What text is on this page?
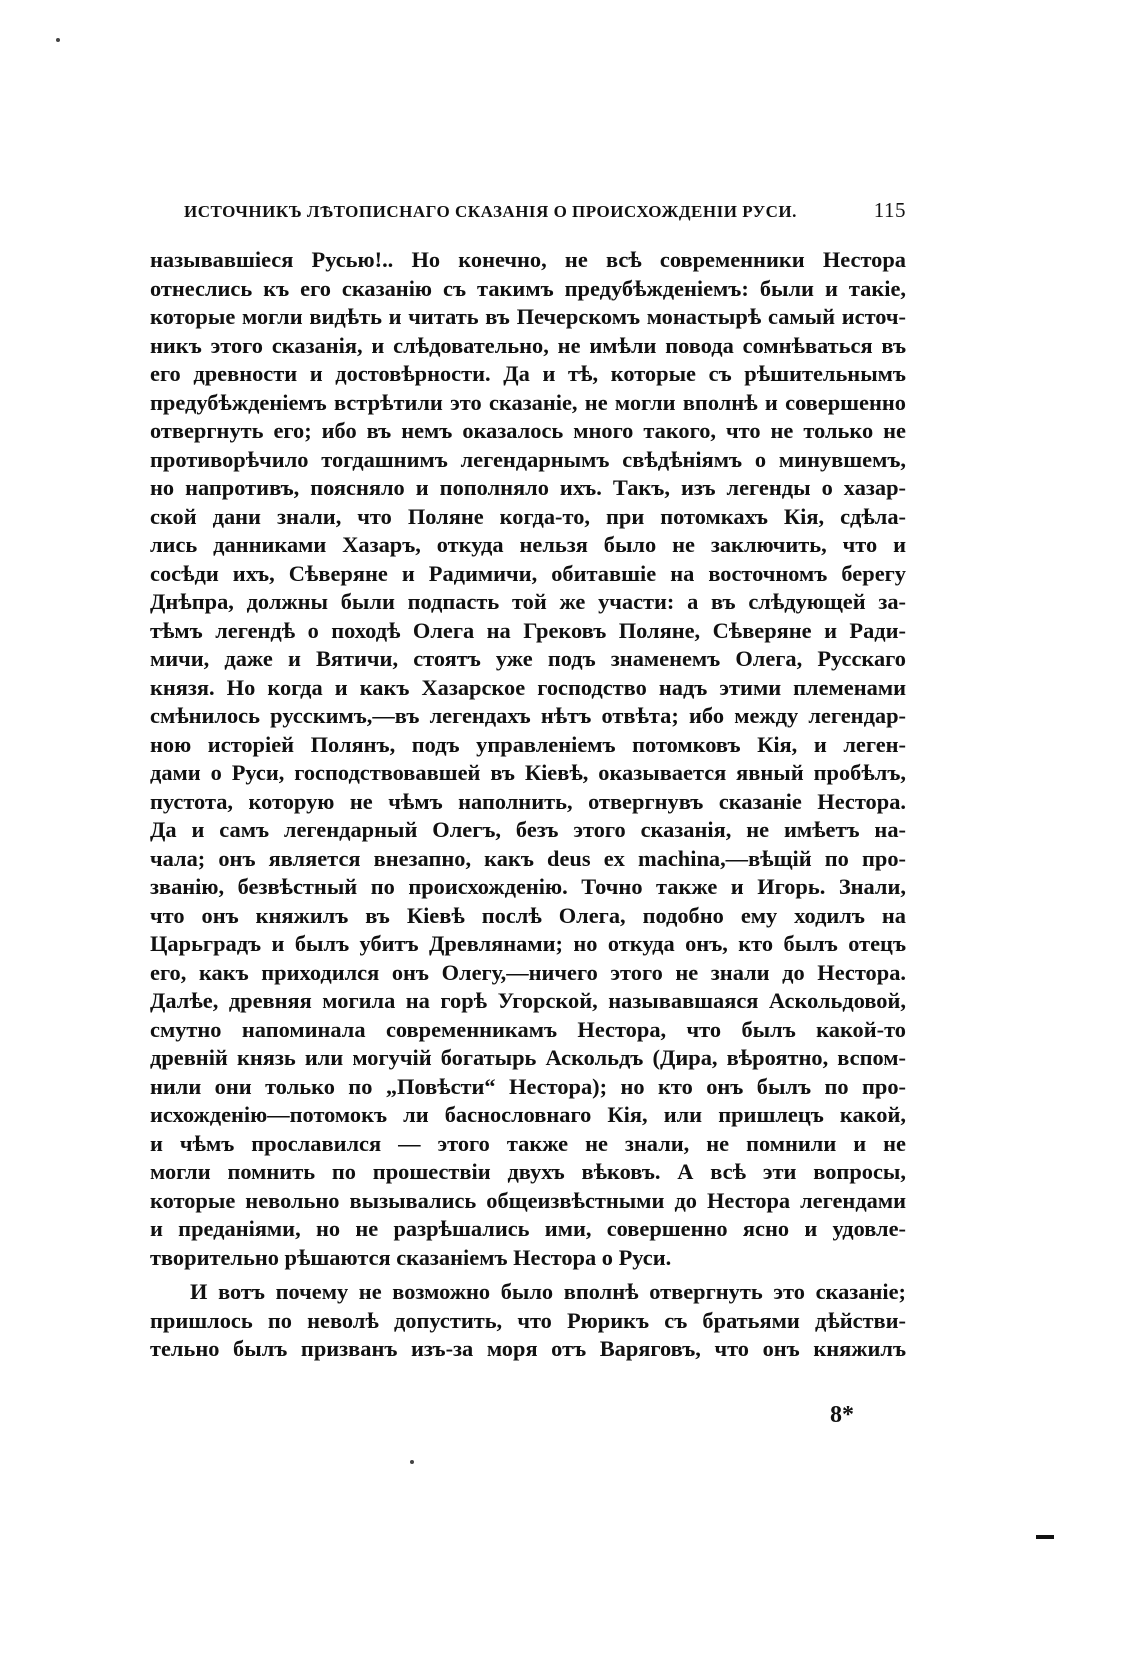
ИСТОЧНИКЪ ЛѢТОПИСНАГО СКАЗАНІЯ О ПРОИСХОЖДЕНІИ РУСИ.	115
называвшіеся Русью!.. Но конечно, не всѣ современники Нестора
отнеслись къ его сказанію съ такимъ предубѣжденіемъ: были и такіе,
которые могли видѣть и читать въ Печерскомъ монастырѣ самый источ-
никъ этого сказанія, и слѣдовательно, не имѣли повода сомнѣваться въ
его древности и достовѣрности. Да и тѣ, которые съ рѣшительнымъ
предубѣжденіемъ встрѣтили это сказаніе, не могли вполнѣ и совершенно
отвергнуть его; ибо въ немъ оказалось много такого, что не только не
противорѣчило тогдашнимъ легендарнымъ свѣдѣніямъ о минувшемъ,
но напротивъ, поясняло и пополняло ихъ. Такъ, изъ легенды о хазар-
ской дани знали, что Поляне когда-то, при потомкахъ Кія, сдѣла-
лись данниками Хазаръ, откуда нельзя было не заключить, что и
сосѣди ихъ, Сѣверяне и Радимичи, обитавшіе на восточномъ берегу
Днѣпра, должны были подпасть той же участи: а въ слѣдующей за-
тѣмъ легендѣ о походѣ Олега на Грековъ Поляне, Сѣверяне и Ради-
мичи, даже и Вятичи, стоятъ уже подъ знаменемъ Олега, Русскаго
князя. Но когда и какъ Хазарское господство надъ этими племенами
смѣнилось русскимъ,—въ легендахъ нѣтъ отвѣта; ибо между легендар-
ною исторіей Полянъ, подъ управленіемъ потомковъ Кія, и леген-
дами о Руси, господствовавшей въ Кіевѣ, оказывается явный пробѣлъ,
пустота, которую не чѣмъ наполнить, отвергнувъ сказаніе Нестора.
Да и самъ легендарный Олегъ, безъ этого сказанія, не имѣетъ на-
чала; онъ является внезапно, какъ deus ex machina,—вѣщій по про-
званію, безвѣстный по происхожденію. Точно также и Игорь. Знали,
что онъ княжилъ въ Кіевѣ послѣ Олега, подобно ему ходилъ на
Царьградъ и былъ убитъ Древлянами; но откуда онъ, кто былъ отецъ
его, какъ приходился онъ Олегу,—ничего этого не знали до Нестора.
Далѣе, древняя могила на горѣ Угорской, называвшаяся Аскольдовой,
смутно напоминала современникамъ Нестора, что былъ какой-то
древній князь или могучій богатырь Аскольдъ (Дира, вѣроятно, вспом-
нили они только по „Повѣсти“ Нестора); но кто онъ былъ по про-
исхожденію—потомокъ ли баснословнаго Кія, или пришлецъ какой,
и чѣмъ прославился — этого также не знали, не помнили и не
могли помнить по прошествіи двухъ вѣковъ. А всѣ эти вопросы,
которые невольно вызывались общеизвѣстными до Нестора легендами
и преданіями, но не разрѣшались ими, совершенно ясно и удовле-
творительно рѣшаются сказаніемъ Нестора о Руси.
И вотъ почему не возможно было вполнѣ отвергнуть это сказаніе;
пришлось по неволѣ допустить, что Рюрикъ съ братьями дѣйстви-
тельно былъ призванъ изъ-за моря отъ Варяговъ, что онъ княжилъ
8*
